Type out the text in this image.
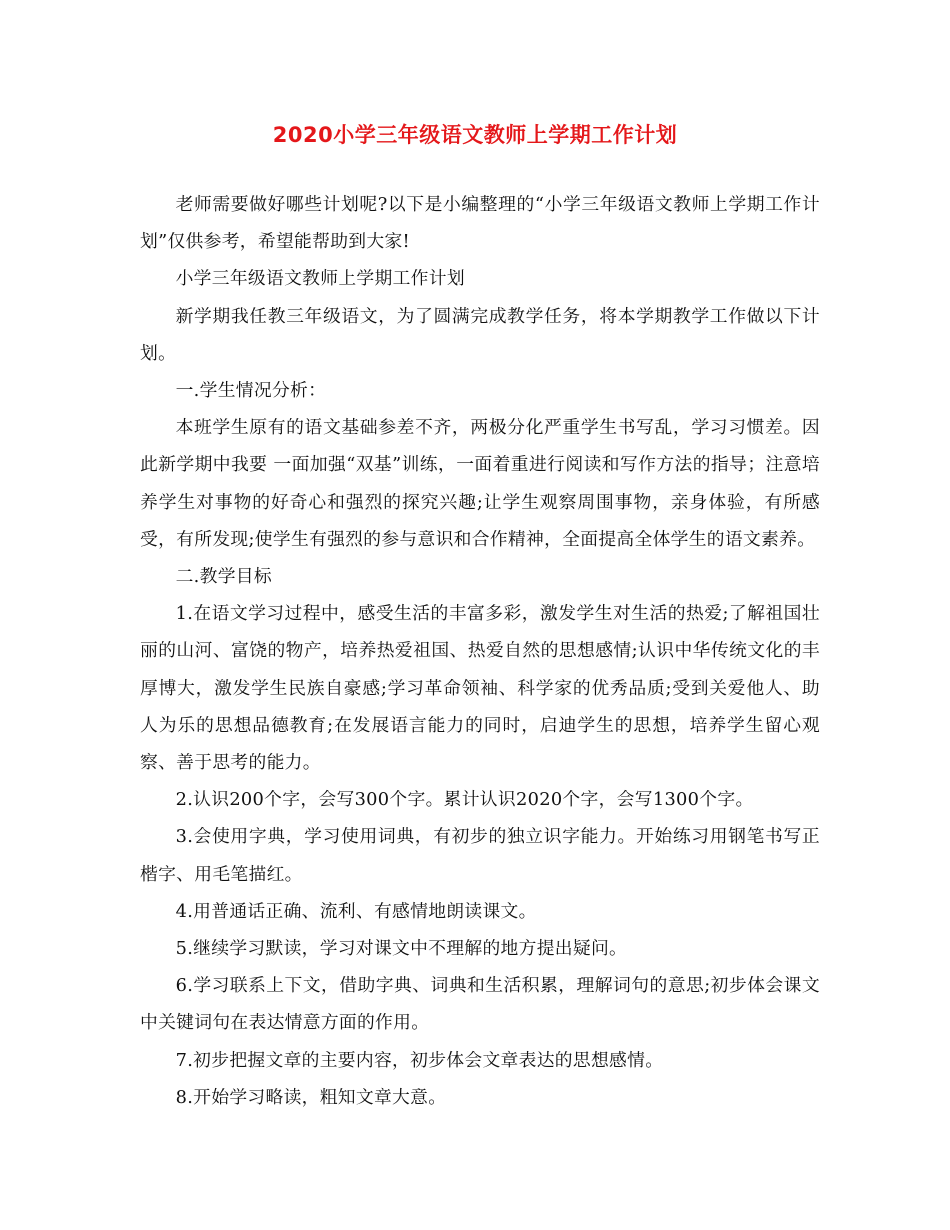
2020小学三年级语文教师上学期工作计划

老师需要做好哪些计划呢?以下是小编整理的“小学三年级语文教师上学期工作计划”仅供参考，希望能帮助到大家!

小学三年级语文教师上学期工作计划

新学期我任教三年级语文，为了圆满完成教学任务，将本学期教学工作做以下计划。

一.学生情况分析：

本班学生原有的语文基础参差不齐，两极分化严重学生书写乱，学习习惯差。因此新学期中我要 一面加强“双基”训练，一面着重进行阅读和写作方法的指导；注意培养学生对事物的好奇心和强烈的探究兴趣;让学生观察周围事物，亲身体验，有所感受，有所发现;使学生有强烈的参与意识和合作精神，全面提高全体学生的语文素养。

二.教学目标

1.在语文学习过程中，感受生活的丰富多彩，激发学生对生活的热爱;了解祖国壮丽的山河、富饶的物产，培养热爱祖国、热爱自然的思想感情;认识中华传统文化的丰厚博大，激发学生民族自豪感;学习革命领袖、科学家的优秀品质;受到关爱他人、助人为乐的思想品德教育;在发展语言能力的同时，启迪学生的思想，培养学生留心观察、善于思考的能力。

2.认识200个字，会写300个字。累计认识2020个字，会写1300个字。

3.会使用字典，学习使用词典，有初步的独立识字能力。开始练习用钢笔书写正楷字、用毛笔描红。

4.用普通话正确、流利、有感情地朗读课文。

5.继续学习默读，学习对课文中不理解的地方提出疑问。

6.学习联系上下文，借助字典、词典和生活积累，理解词句的意思;初步体会课文中关键词句在表达情意方面的作用。

7.初步把握文章的主要内容，初步体会文章表达的思想感情。

8.开始学习略读，粗知文章大意。
